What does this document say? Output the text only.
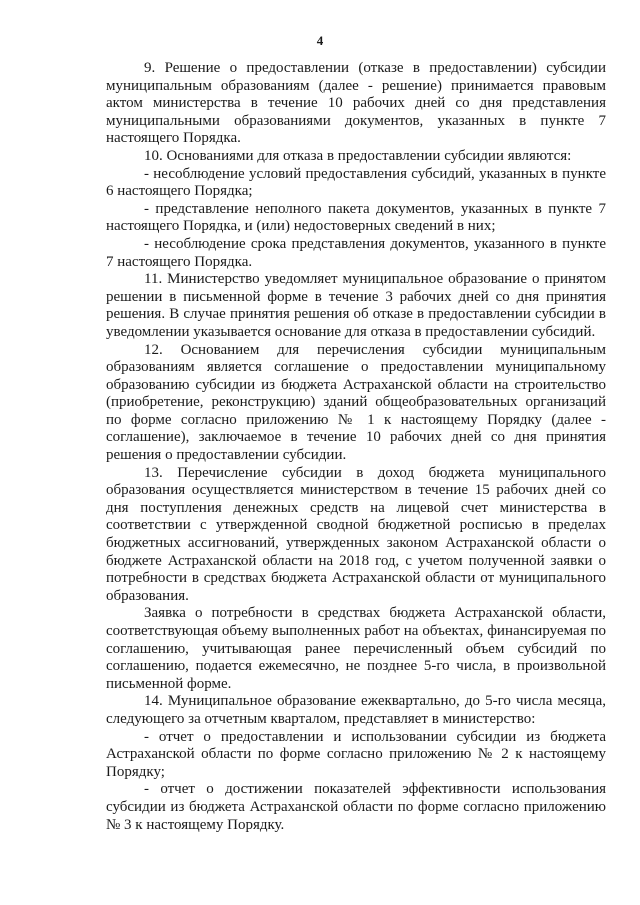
4

9. Решение о предоставлении (отказе в предоставлении) субсидии муниципальным образованиям (далее - решение) принимается правовым актом министерства в течение 10 рабочих дней со дня представления муниципальными образованиями документов, указанных в пункте 7 настоящего Порядка.

10. Основаниями для отказа в предоставлении субсидии являются:

- несоблюдение условий предоставления субсидий, указанных в пункте 6 настоящего Порядка;

- представление неполного пакета документов, указанных в пункте 7 настоящего Порядка, и (или) недостоверных сведений в них;

- несоблюдение срока представления документов, указанного в пункте 7 настоящего Порядка.

11. Министерство уведомляет муниципальное образование о принятом решении в письменной форме в течение 3 рабочих дней со дня принятия решения. В случае принятия решения об отказе в предоставлении субсидии в уведомлении указывается основание для отказа в предоставлении субсидий.

12. Основанием для перечисления субсидии муниципальным образованиям является соглашение о предоставлении муниципальному образованию субсидии из бюджета Астраханской области на строительство (приобретение, реконструкцию) зданий общеобразовательных организаций по форме согласно приложению № 1 к настоящему Порядку (далее - соглашение), заключаемое в течение 10 рабочих дней со дня принятия решения о предоставлении субсидии.

13. Перечисление субсидии в доход бюджета муниципального образования осуществляется министерством в течение 15 рабочих дней со дня поступления денежных средств на лицевой счет министерства в соответствии с утвержденной сводной бюджетной росписью в пределах бюджетных ассигнований, утвержденных законом Астраханской области о бюджете Астраханской области на 2018 год, с учетом полученной заявки о потребности в средствах бюджета Астраханской области от муниципального образования.

Заявка о потребности в средствах бюджета Астраханской области, соответствующая объему выполненных работ на объектах, финансируемая по соглашению, учитывающая ранее перечисленный объем субсидий по соглашению, подается ежемесячно, не позднее 5-го числа, в произвольной письменной форме.

14. Муниципальное образование ежеквартально, до 5-го числа месяца, следующего за отчетным кварталом, представляет в министерство:

- отчет о предоставлении и использовании субсидии из бюджета Астраханской области по форме согласно приложению № 2 к настоящему Порядку;

- отчет о достижении показателей эффективности использования субсидии из бюджета Астраханской области по форме согласно приложению № 3 к настоящему Порядку.
